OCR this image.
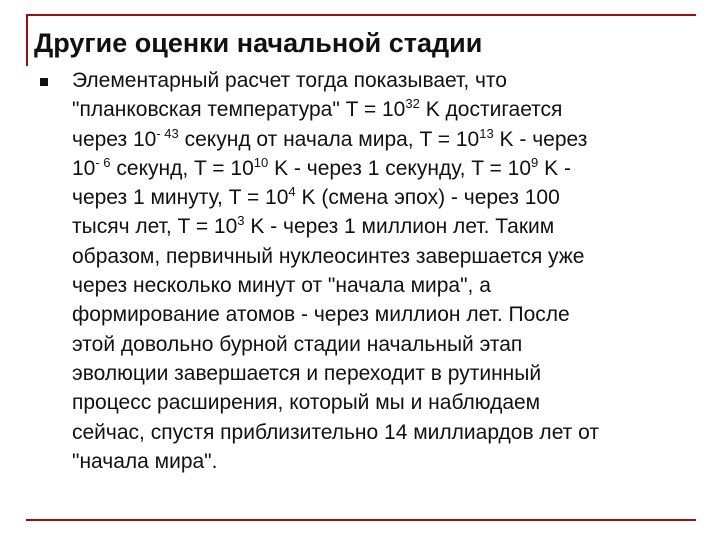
Другие оценки начальной стадии
Элементарный расчет тогда показывает, что
"планковская температура" $T = 10^{32}$ K достигается
через $10^{- 43}$ секунд от начала мира, $T = 10^{13}$ K - через
$10^{- 6}$ секунд, $T = 10^{10}$ K - через 1 секунду, $T = 10^9$ K -
через 1 минуту, $T = 10^4$ K (смена эпох) - через 100
тысяч лет, $T = 10^3$ K - через 1 миллион лет. Таким
образом, первичный нуклеосинтез завершается уже
через несколько минут от "начала мира", а
формирование атомов - через миллион лет. После
этой довольно бурной стадии начальный этап
эволюции завершается и переходит в рутинный
процесс расширения, который мы и наблюдаем
сейчас, спустя приблизительно 14 миллиардов лет от
"начала мира".
